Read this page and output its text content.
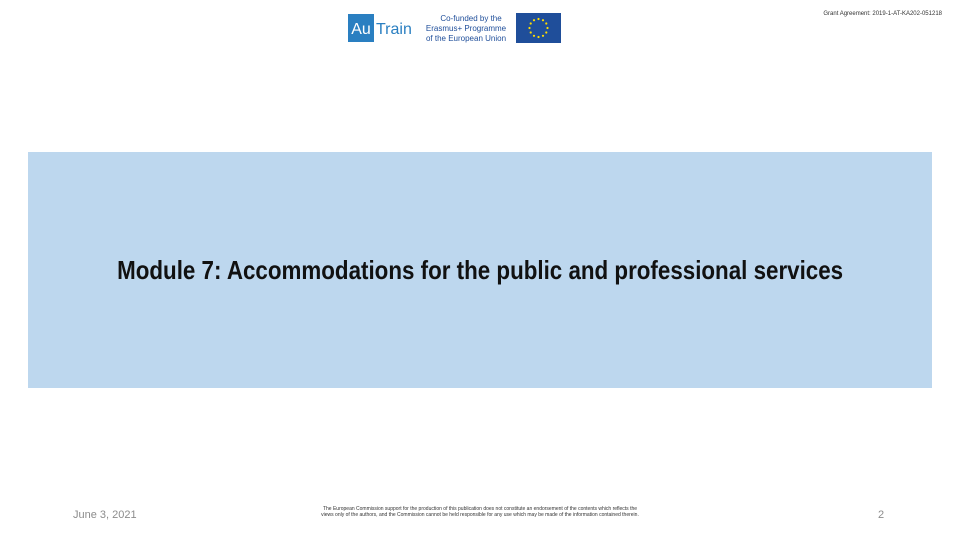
Au Train
Co-funded by the
Erasmus+ Programme
of the European Union
Grant Agreement: 2019-1-AT-KA202-051218
Module 7: Accommodations for the public and professional services
June 3, 2021	The European Commission support for the production of this publication does not constitute an endorsement of the contents which reflects the views only of the authors, and the Commission cannot be held responsible for any use which may be made of the information contained therein.	2
